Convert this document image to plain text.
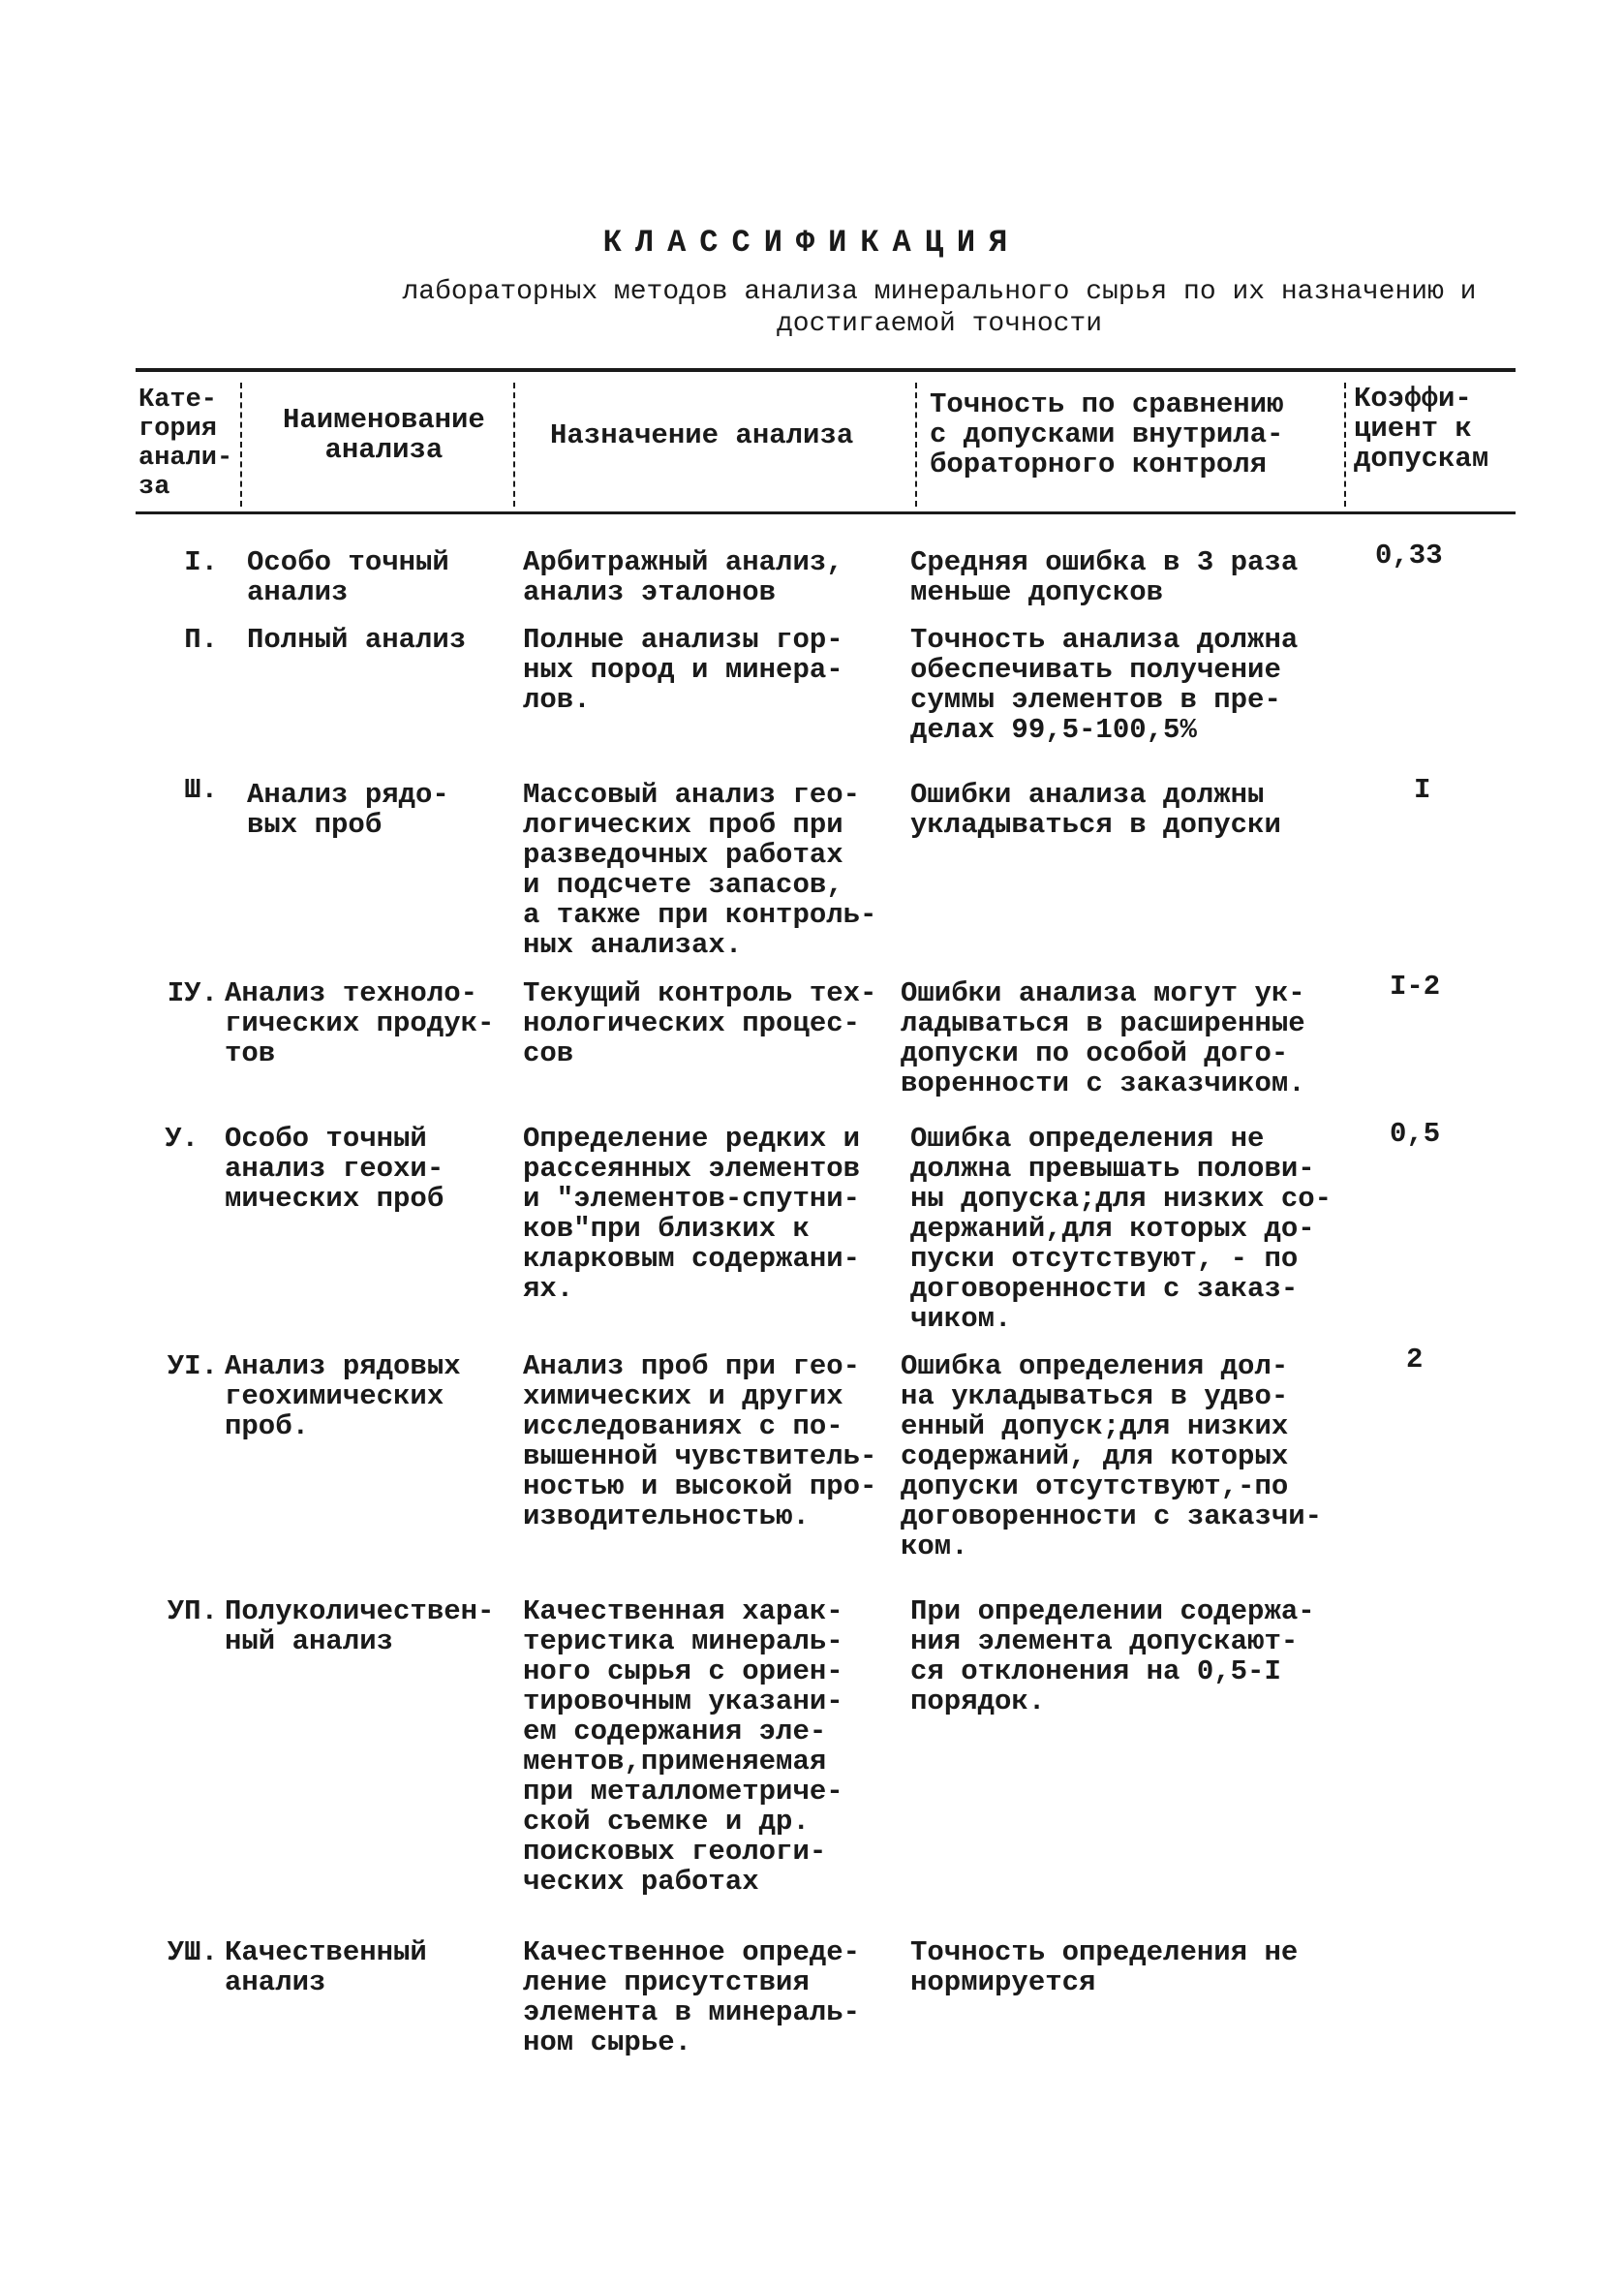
КЛАССИФИКАЦИЯ
лабораторных методов анализа минерального сырья по их назначению и достигаемой точности
Кате-
гория
анали-
за
Наименование
анализа	Назначение анализа
Точность по сравнению
с допусками внутрила-
бораторного контроля
Коэффи-
циент к
допускам
I. Особо точный
анализ
Арбитражный анализ,
анализ эталонов
Средняя ошибка в 3 раза
меньше допусков
0,33
П. Полный анализ Полные анализы гор-
ных пород и минера-
лов.
Точность анализа должна
обеспечивать получение
суммы элементов в пре-
делах 99,5-100,5%
Ш. Анализ рядо-
вых проб
Массовый анализ гео-
логических проб при
разведочных работах
и подсчете запасов,
а также при контроль-
ных анализах.
Ошибки анализа должны
укладываться в допуски
I
IУ. Анализ техноло-
гических продук-
тов
Текущий контроль тех-
нологических процес-
сов
Ошибки анализа могут ук-
ладываться в расширенные
допуски по особой дого-
воренности с заказчиком.
I-2
У. Особо точный
анализ геохи-
мических проб
Определение редких и
рассеянных элементов
и "элементов-спутни-
ков"при близких к
кларковым содержани-
ях.
Ошибка определения не
должна превышать полови-
ны допуска;для низких со-
держаний,для которых до-
пуски отсутствуют, - по
договоренности с заказ-
чиком.
0,5
УI. Анализ рядовых
геохимических
проб.
Анализ проб при гео-
химических и других
исследованиях с по-
вышенной чувствитель-
ностью и высокой про-
изводительностью.
Ошибка определения дол-
на укладываться в удво-
енный допуск;для низких
содержаний, для которых
допуски отсутствуют,-по
договоренности с заказчи-
ком.
2
УП. Полуколичествен-
ный анализ
Качественная харак-
теристика минераль-
ного сырья с ориен-
тировочным указани-
ем содержания эле-
ментов,применяемая
при металлометриче-
ской съемке и др.
поисковых геологи-
ческих работах
При определении содержа-
ния элемента допускают-
ся отклонения на 0,5-I
порядок.
УШ. Качественный
анализ
Качественное опреде-
ление присутствия
элемента в минераль-
ном сырье.
Точность определения не
нормируется
